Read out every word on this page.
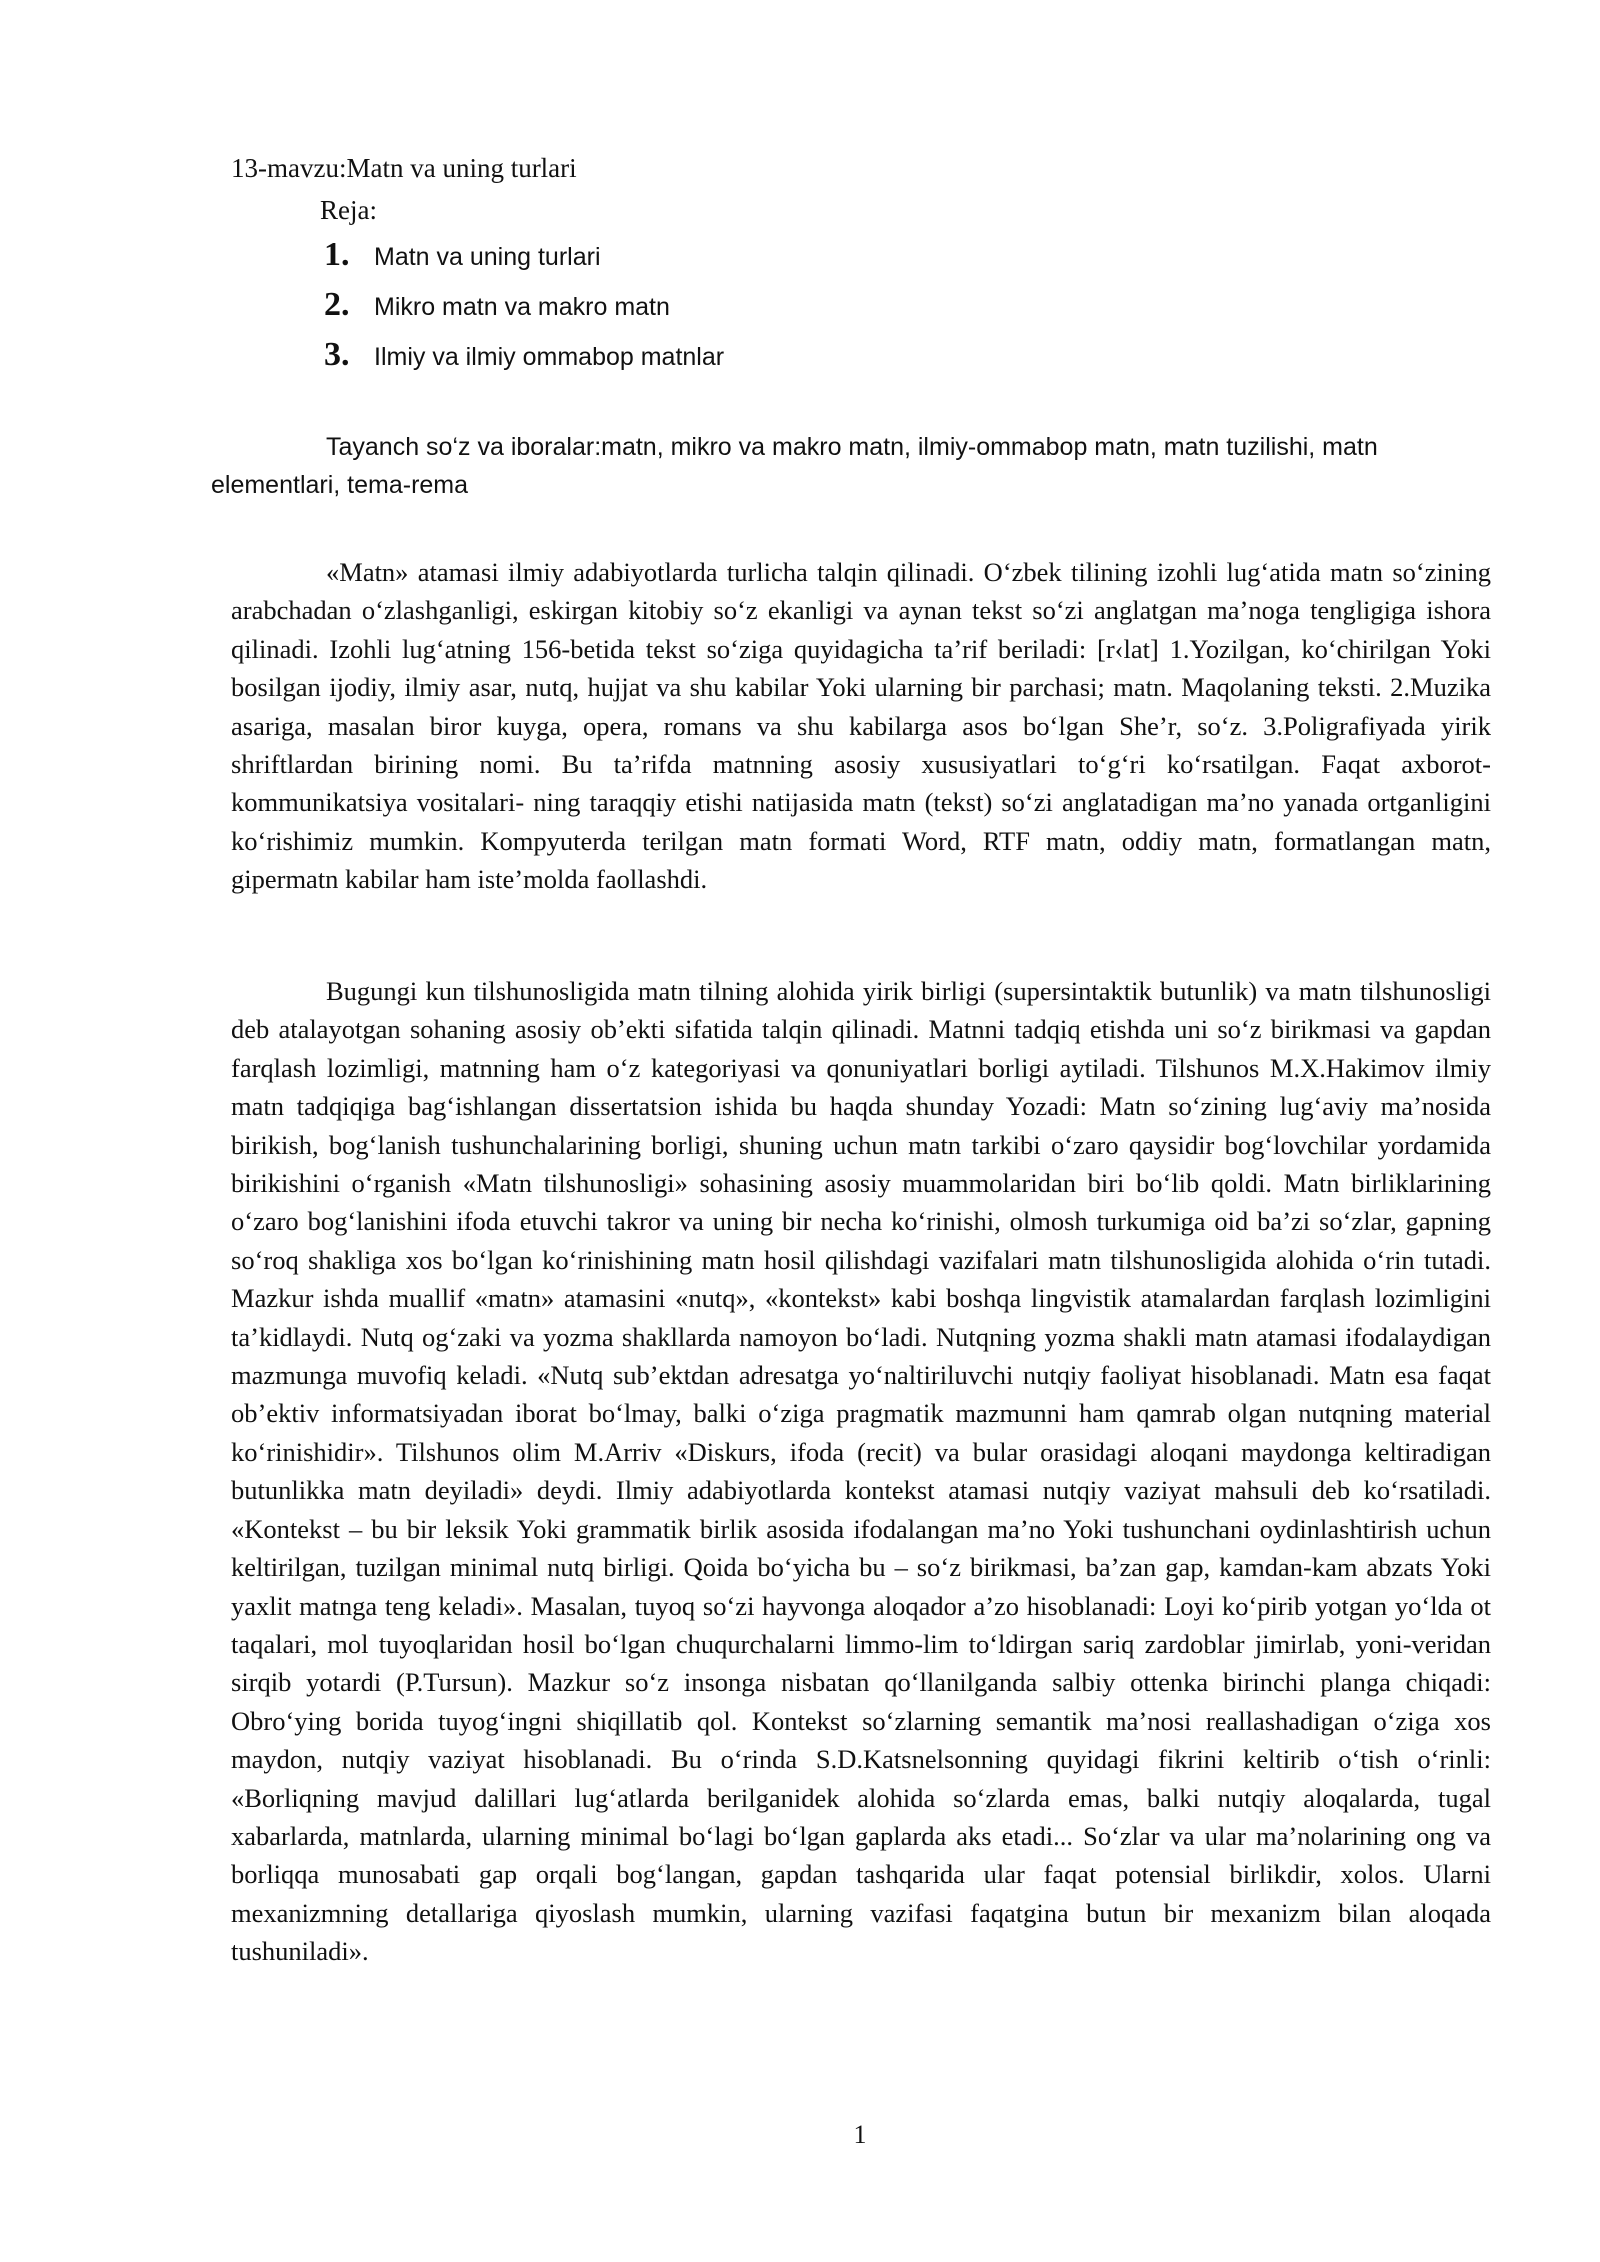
13-mavzu:Matn va uning turlari
Reja:
1. Matn va uning turlari
2. Mikro matn va makro matn
3. Ilmiy va ilmiy ommabop matnlar

Tayanch so‘z va iboralar:matn, mikro va makro matn, ilmiy-ommabop matn, matn tuzilishi, matn elementlari, tema-rema

«Matn» atamasi ilmiy adabiyotlarda turlicha talqin qilinadi. O‘zbek tilining izohli lug‘atida matn so‘zining arabchadan o‘zlashganligi, eskirgan kitobiy so‘z ekanligi va aynan tekst so‘zi anglatgan ma’noga tengligiga ishora qilinadi. Izohli lug‘atning 156-betida tekst so‘ziga quyidagicha ta’rif beriladi: [r‹lat] 1.Yozilgan, ko‘chirilgan Yoki bosilgan ijodiy, ilmiy asar, nutq, hujjat va shu kabilar Yoki ularning bir parchasi; matn. Maqolaning teksti. 2.Muzika asariga, masalan biror kuyga, opera, romans va shu kabilarga asos bo‘lgan She’r, so‘z. 3.Poligrafiyada yirik shriftlardan birining nomi. Bu ta’rifda matnning asosiy xususiyatlari to‘g‘ri ko‘rsatilgan. Faqat axborot-kommunikatsiya vositalari- ning taraqqiy etishi natijasida matn (tekst) so‘zi anglatadigan ma’no yanada ortganligini ko‘rishimiz mumkin. Kompyuterda terilgan matn formati Word, RTF matn, oddiy matn, formatlangan matn, gipermatn kabilar ham iste’molda faollashdi.

Bugungi kun tilshunosligida matn tilning alohida yirik birligi (supersintaktik butunlik) va matn tilshunosligi deb atalayotgan sohaning asosiy ob’ekti sifatida talqin qilinadi. Matnni tadqiq etishda uni so‘z birikmasi va gapdan farqlash lozimligi, matnning ham o‘z kategoriyasi va qonuniyatlari borligi aytiladi. Tilshunos M.X.Hakimov ilmiy matn tadqiqiga bag‘ishlangan dissertatsion ishida bu haqda shunday Yozadi: Matn so‘zining lug‘aviy ma’nosida birikish, bog‘lanish tushunchalarining borligi, shuning uchun matn tarkibi o‘zaro qaysidir bog‘lovchilar yordamida birikishini o‘rganish «Matn tilshunosligi» sohasining asosiy muammolaridan biri bo‘lib qoldi. Matn birliklarining o‘zaro bog‘lanishini ifoda etuvchi takror va uning bir necha ko‘rinishi, olmosh turkumiga oid ba’zi so‘zlar, gapning so‘roq shakliga xos bo‘lgan ko‘rinishining matn hosil qilishdagi vazifalari matn tilshunosligida alohida o‘rin tutadi. Mazkur ishda muallif «matn» atamasini «nutq», «kontekst» kabi boshqa lingvistik atamalardan farqlash lozimligini ta’kidlaydi. Nutq og‘zaki va yozma shakllarda namoyon bo‘ladi. Nutqning yozma shakli matn atamasi ifodalaydigan mazmunga muvofiq keladi. «Nutq sub’ektdan adresatga yo‘naltiriluvchi nutqiy faoliyat hisoblanadi. Matn esa faqat ob’ektiv informatsiyadan iborat bo‘lmay, balki o‘ziga pragmatik mazmunni ham qamrab olgan nutqning material ko‘rinishidir». Tilshunos olim M.Arriv «Diskurs, ifoda (recit) va bular orasidagi aloqani maydonga keltiradigan butunlikka matn deyiladi» deydi. Ilmiy adabiyotlarda kontekst atamasi nutqiy vaziyat mahsuli deb ko‘rsatiladi. «Kontekst – bu bir leksik Yoki grammatik birlik asosida ifodalangan ma’no Yoki tushunchani oydinlashtirish uchun keltirilgan, tuzilgan minimal nutq birligi. Qoida bo‘yicha bu – so‘z birikmasi, ba’zan gap, kamdan-kam abzats Yoki yaxlit matnga teng keladi». Masalan, tuyoq so‘zi hayvonga aloqador a’zo hisoblanadi: Loyi ko‘pirib yotgan yo‘lda ot taqalari, mol tuyoqlaridan hosil bo‘lgan chuqurchalarni limmo-lim to‘ldirgan sariq zardoblar jimirlab, yoni-veridan sirqib yotardi (P.Tursun). Mazkur so‘z insonga nisbatan qo‘llanilganda salbiy ottenka birinchi planga chiqadi: Obro‘ying borida tuyog‘ingni shiqillatib qol. Kontekst so‘zlarning semantik ma’nosi reallashadigan o‘ziga xos maydon, nutqiy vaziyat hisoblanadi. Bu o‘rinda S.D.Katsnelsonning quyidagi fikrini keltirib o‘tish o‘rinli: «Borliqning mavjud dalillari lug‘atlarda berilganidek alohida so‘zlarda emas, balki nutqiy aloqalarda, tugal xabarlarda, matnlarda, ularning minimal bo‘lagi bo‘lgan gaplarda aks etadi... So‘zlar va ular ma’nolarining ong va borliqqa munosabati gap orqali bog‘langan, gapdan tashqarida ular faqat potensial birlikdir, xolos. Ularni mexanizmning detallariga qiyoslash mumkin, ularning vazifasi faqatgina butun bir mexanizm bilan aloqada tushuniladi».

1
